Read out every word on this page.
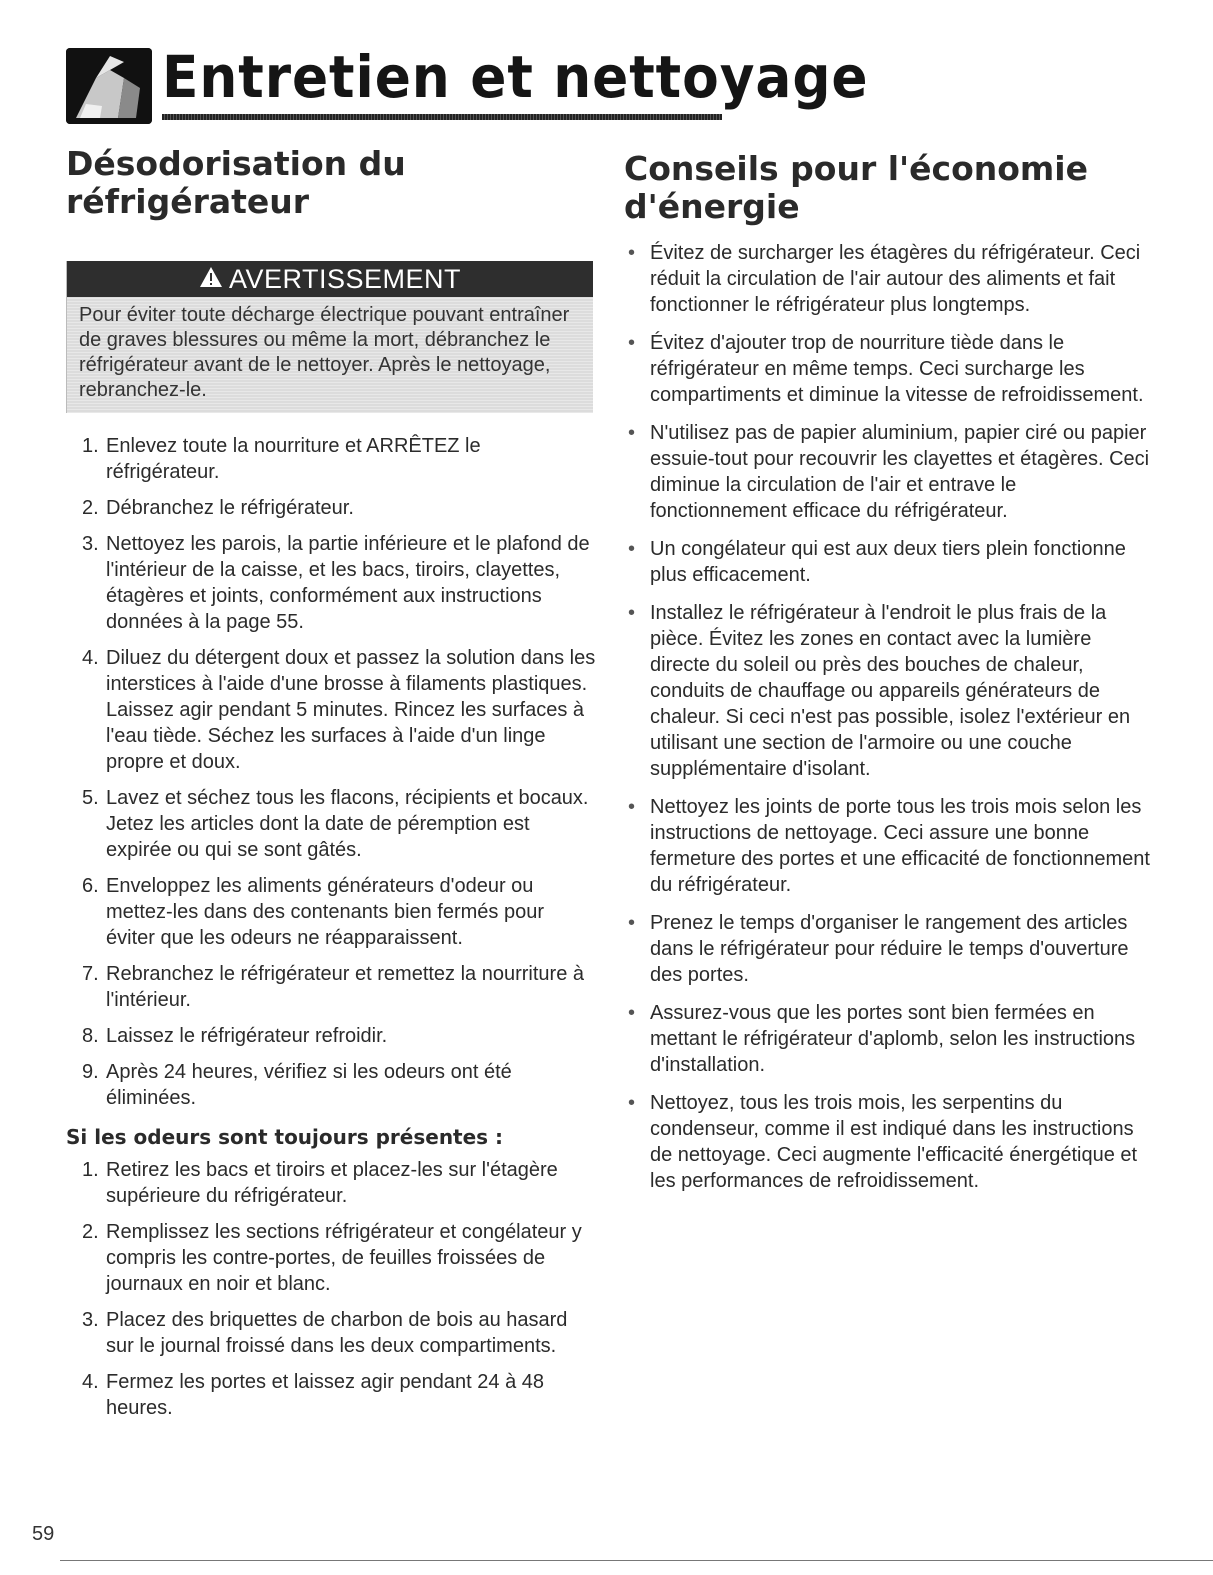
Entretien et nettoyage
Désodorisation du réfrigérateur
AVERTISSEMENT
Pour éviter toute décharge électrique pouvant entraîner de graves blessures ou même la mort, débranchez le réfrigérateur avant de le nettoyer. Après le nettoyage, rebranchez-le.
1. Enlevez toute la nourriture et ARRÊTEZ le réfrigérateur.
2. Débranchez le réfrigérateur.
3. Nettoyez les parois, la partie inférieure et le plafond de l'intérieur de la caisse, et les bacs, tiroirs, clayettes, étagères et joints, conformément aux instructions données à la page 55.
4. Diluez du détergent doux et passez la solution dans les interstices à l'aide d'une brosse à filaments plastiques. Laissez agir pendant 5 minutes. Rincez les surfaces à l'eau tiède. Séchez les surfaces à l'aide d'un linge propre et doux.
5. Lavez et séchez tous les flacons, récipients et bocaux. Jetez les articles dont la date de péremption est expirée ou qui se sont gâtés.
6. Enveloppez les aliments générateurs d'odeur ou mettez-les dans des contenants bien fermés pour éviter que les odeurs ne réapparaissent.
7. Rebranchez le réfrigérateur et remettez la nourriture à l'intérieur.
8. Laissez le réfrigérateur refroidir.
9. Après 24 heures, vérifiez si les odeurs ont été éliminées.
Si les odeurs sont toujours présentes :
1. Retirez les bacs et tiroirs et placez-les sur l'étagère supérieure du réfrigérateur.
2. Remplissez les sections réfrigérateur et congélateur y compris les contre-portes, de feuilles froissées de journaux en noir et blanc.
3. Placez des briquettes de charbon de bois au hasard sur le journal froissé dans les deux compartiments.
4. Fermez les portes et laissez agir pendant 24 à 48 heures.
Conseils pour l'économie d'énergie
• Évitez de surcharger les étagères du réfrigérateur. Ceci réduit la circulation de l'air autour des aliments et fait fonctionner le réfrigérateur plus longtemps.
• Évitez d'ajouter trop de nourriture tiède dans le réfrigérateur en même temps. Ceci surcharge les compartiments et diminue la vitesse de refroidissement.
• N'utilisez pas de papier aluminium, papier ciré ou papier essuie-tout pour recouvrir les clayettes et étagères. Ceci diminue la circulation de l'air et entrave le fonctionnement efficace du réfrigérateur.
• Un congélateur qui est aux deux tiers plein fonctionne plus efficacement.
• Installez le réfrigérateur à l'endroit le plus frais de la pièce. Évitez les zones en contact avec la lumière directe du soleil ou près des bouches de chaleur, conduits de chauffage ou appareils générateurs de chaleur. Si ceci n'est pas possible, isolez l'extérieur en utilisant une section de l'armoire ou une couche supplémentaire d'isolant.
• Nettoyez les joints de porte tous les trois mois selon les instructions de nettoyage. Ceci assure une bonne fermeture des portes et une efficacité de fonctionnement du réfrigérateur.
• Prenez le temps d'organiser le rangement des articles dans le réfrigérateur pour réduire le temps d'ouverture des portes.
• Assurez-vous que les portes sont bien fermées en mettant le réfrigérateur d'aplomb, selon les instructions d'installation.
• Nettoyez, tous les trois mois, les serpentins du condenseur, comme il est indiqué dans les instructions de nettoyage. Ceci augmente l'efficacité énergétique et les performances de refroidissement.
59
